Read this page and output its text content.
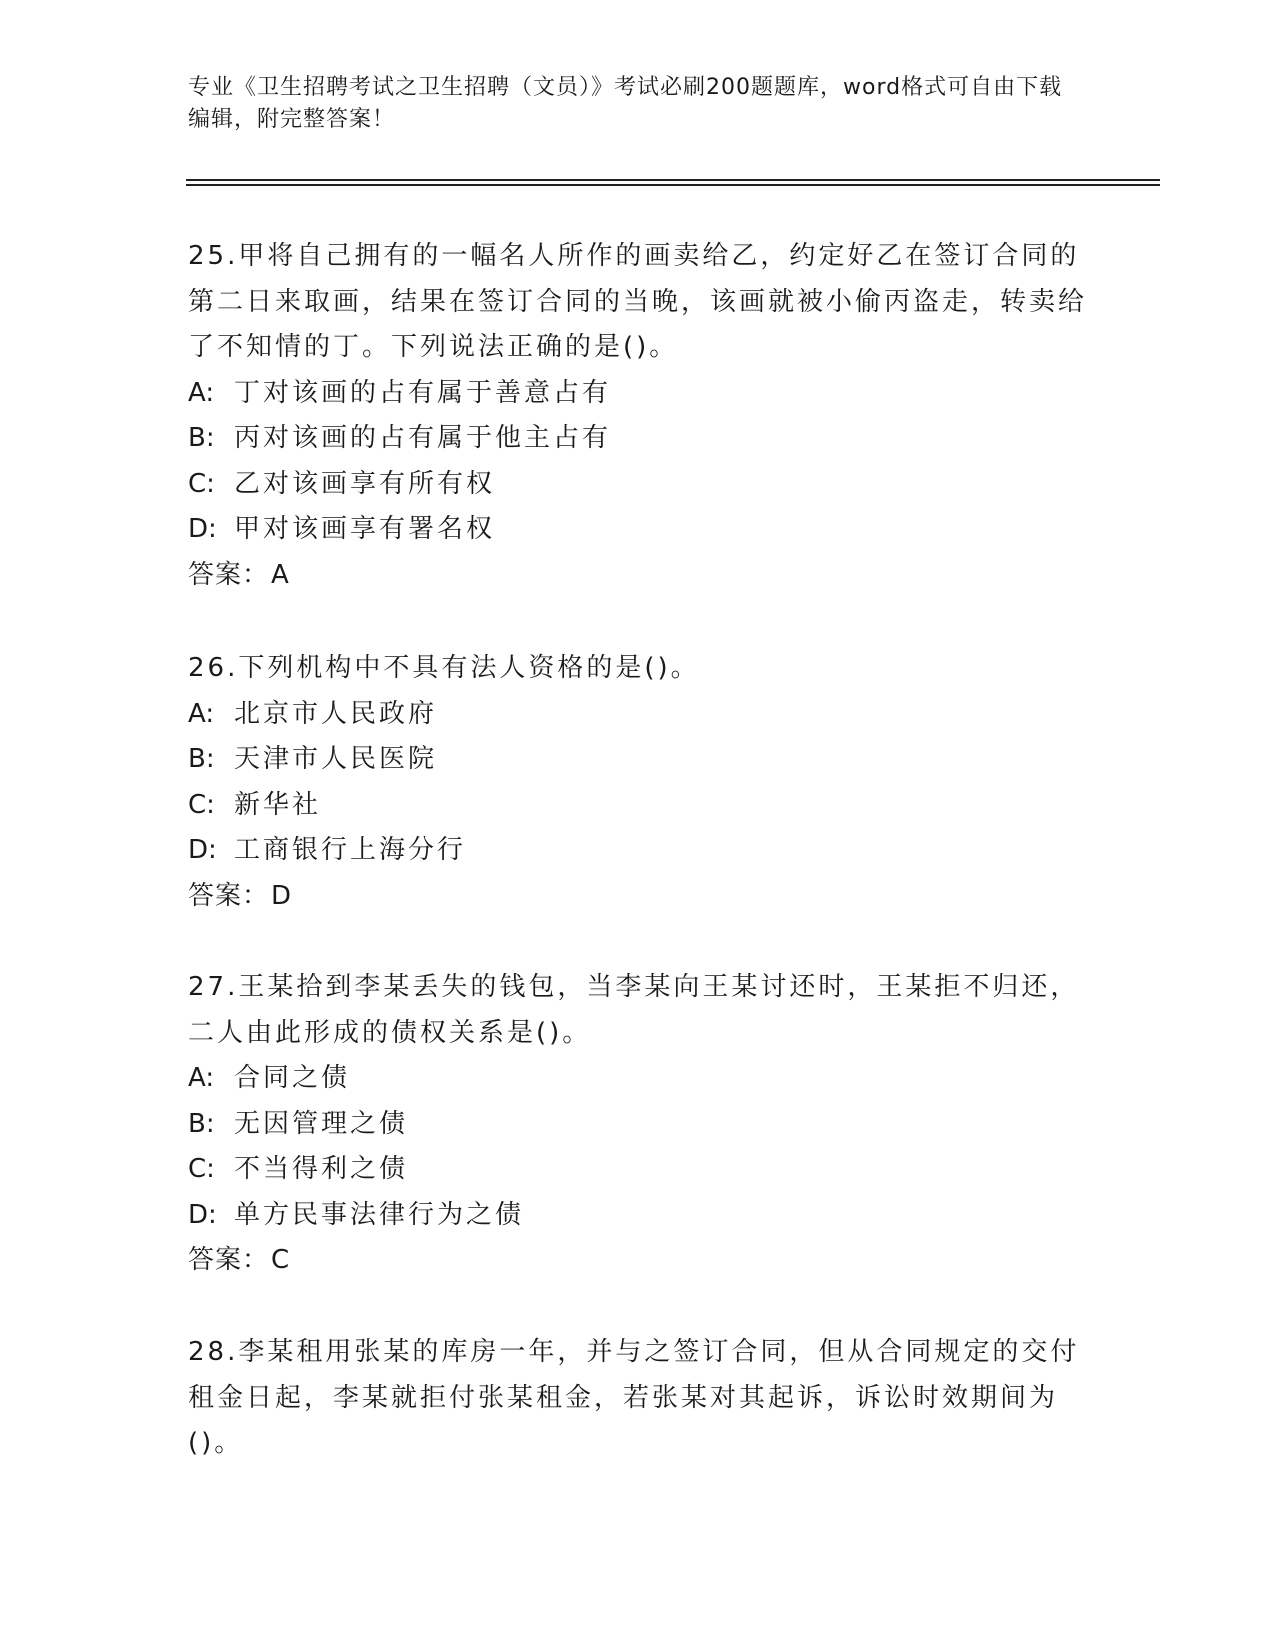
专业《卫生招聘考试之卫生招聘（文员）》考试必刷200题题库，word格式可自由下载编辑，附完整答案！

25.甲将自己拥有的一幅名人所作的画卖给乙，约定好乙在签订合同的第二日来取画，结果在签订合同的当晚，该画就被小偷丙盗走，转卖给了不知情的丁。下列说法正确的是()。

A: 丁对该画的占有属于善意占有
B: 丙对该画的占有属于他主占有
C: 乙对该画享有所有权
D: 甲对该画享有署名权
答案：A

26.下列机构中不具有法人资格的是()。

A: 北京市人民政府
B: 天津市人民医院
C: 新华社
D: 工商银行上海分行
答案：D

27.王某拾到李某丢失的钱包，当李某向王某讨还时，王某拒不归还，二人由此形成的债权关系是()。

A: 合同之债
B: 无因管理之债
C: 不当得利之债
D: 单方民事法律行为之债
答案：C

28.李某租用张某的库房一年，并与之签订合同，但从合同规定的交付租金日起，李某就拒付张某租金，若张某对其起诉，诉讼时效期间为()。
